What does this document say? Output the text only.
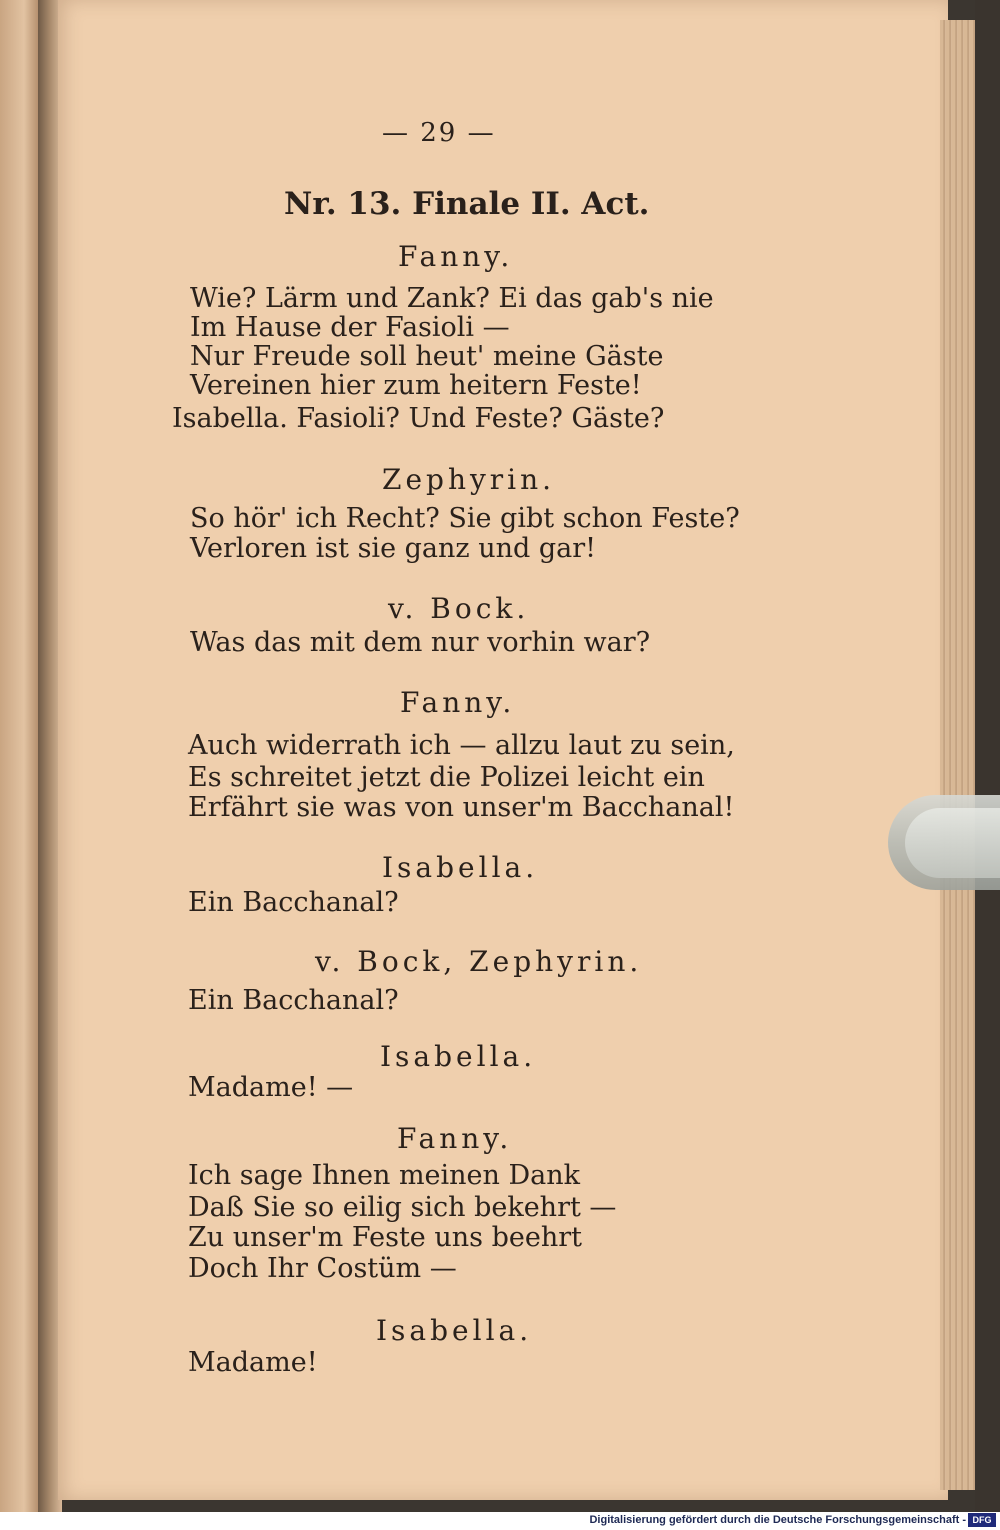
— 29 —
Nr. 13. Finale II. Act.
Fanny.
Wie? Lärm und Zank? Ei das gab's nie
Im Hause der Fasioli —
Nur Freude soll heut' meine Gäste
Vereinen hier zum heitern Feste!
Isabella. Fasioli? Und Feste? Gäste?
Zephyrin.
So hör' ich Recht? Sie gibt schon Feste?
Verloren ist sie ganz und gar!
v. Bock.
Was das mit dem nur vorhin war?
Fanny.
Auch widerrath ich — allzu laut zu sein,
Es schreitet jetzt die Polizei leicht ein
Erfährt sie was von unser'm Bacchanal!
Isabella.
Ein Bacchanal?
v. Bock, Zephyrin.
Ein Bacchanal?
Isabella.
Madame! —
Fanny.
Ich sage Ihnen meinen Dank
Daß Sie so eilig sich bekehrt —
Zu unser'm Feste uns beehrt
Doch Ihr Costüm —
Isabella.
Madame!
Digitalisierung gefördert durch die Deutsche Forschungsgemeinschaft - DFG
